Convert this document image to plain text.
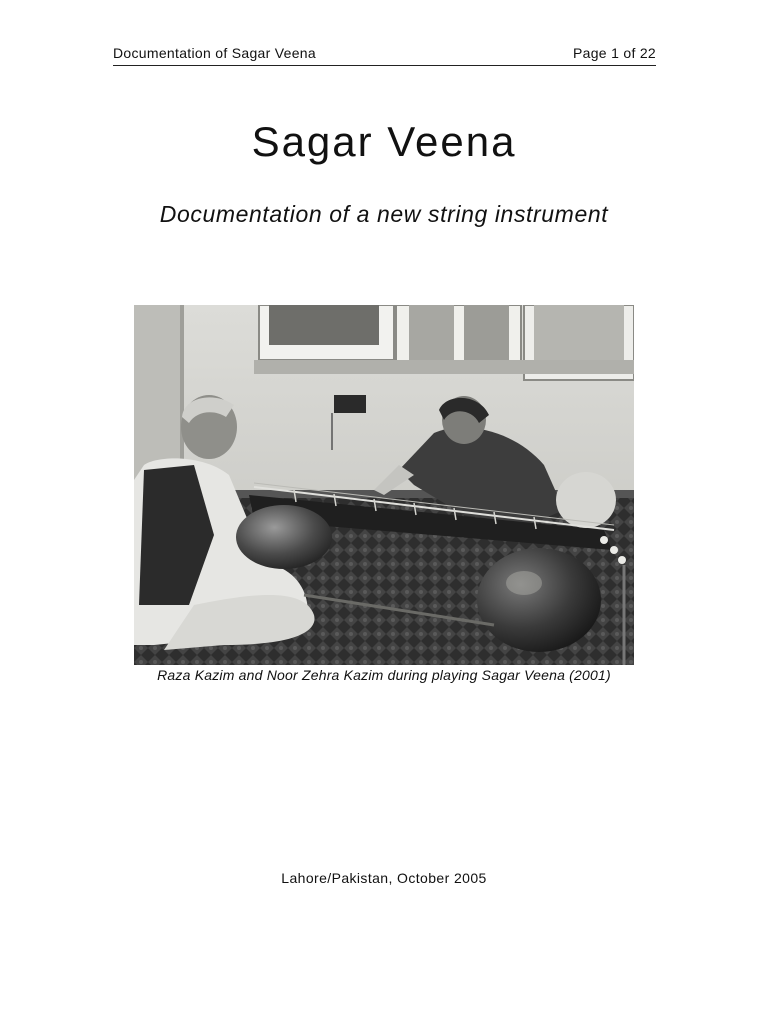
Documentation of Sagar Veena	Page 1 of 22
Sagar Veena

Documentation of a new string instrument

Raza Kazim and Noor Zehra Kazim during playing Sagar Veena (2001)
Lahore/Pakistan, October 2005
